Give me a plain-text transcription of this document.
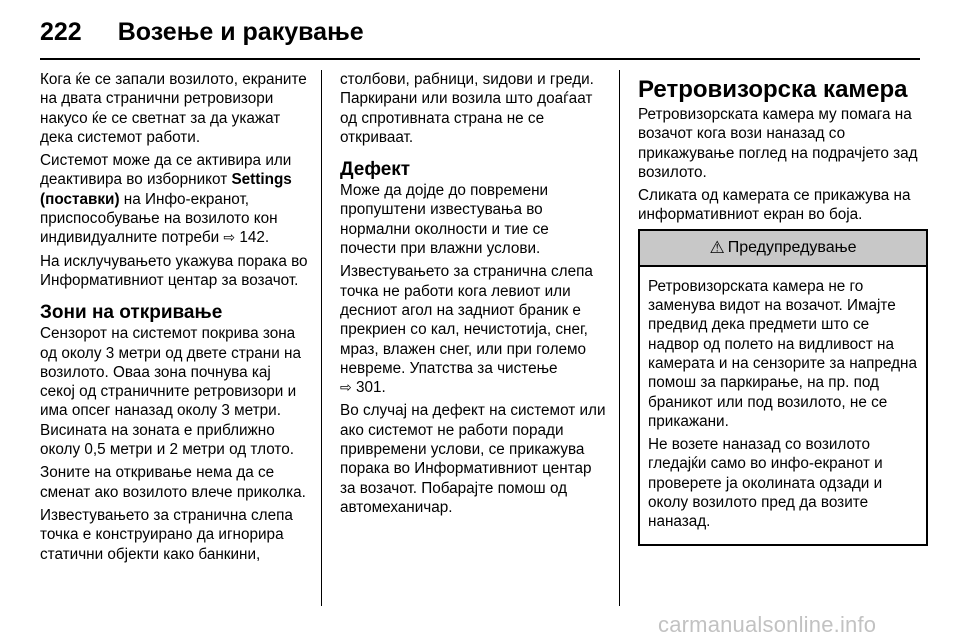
222 Возење и ракување

Кога ќе се запали возилото, екраните на двата странични ретровизори накусо ќе се светнат за да укажат дека системот работи.

Системот може да се активира или деактивира во изборникот Settings (поставки) на Инфо-екранот, приспособувањe на возилото кон индивидуалните потреби ⇨ 142.

На исклучувањето укажува порака во Информативниот центар за возачот.

Зони на откривање

Сензорот на системот покрива зона од околу 3 метри од двете страни на возилото. Оваа зона почнува кај секој од страничните ретровизори и има опсег наназад околу 3 метри. Висината на зоната е приближно околу 0,5 метри и 2 метри од тлото.

Зоните на откривање нема да се сменат ако возилото влече приколка.

Известувањето за странична слепа точка е конструирано да игнорира статични објекти како банкини,

столбови, рабници, ѕидови и греди. Паркирани или возила што доаѓаат од спротивната страна не се откриваат.

Дефект

Може да дојде до повремени пропуштени известувања во нормални околности и тие се почести при влажни услови.

Известувањето за странична слепа точка не работи кога левиот или десниот агол на задниот браник е прекриен со кал, нечистотија, снег, мраз, влажен снег, или при големо невреме. Упатства за чистење
⇨ 301.

Во случај на дефект на системот или ако системот не работи поради привремени услови, се прикажува порака во Информативниот центар за возачот. Побарајте помош од автомеханичар.

Ретровизорска камера

Ретровизорската камера му помага на возачот кога вози наназад со прикажување поглед на подрачјето зад возилото.

Сликата од камерата се прикажува на информативниот екран во боја.

⚠ Предупредување

Ретровизорската камера не го заменува видот на возачот. Имајте предвид дека предмети што се надвор од полето на видливост на камерата и на сензорите за напредна помош за паркирање, на пр. под браникот или под возилото, не се прикажани.

Не возете наназад со возилото гледајќи само во инфо-екранот и проверете ја околината одзади и околу возилото пред да возите наназад.

carmanualsonline.info
